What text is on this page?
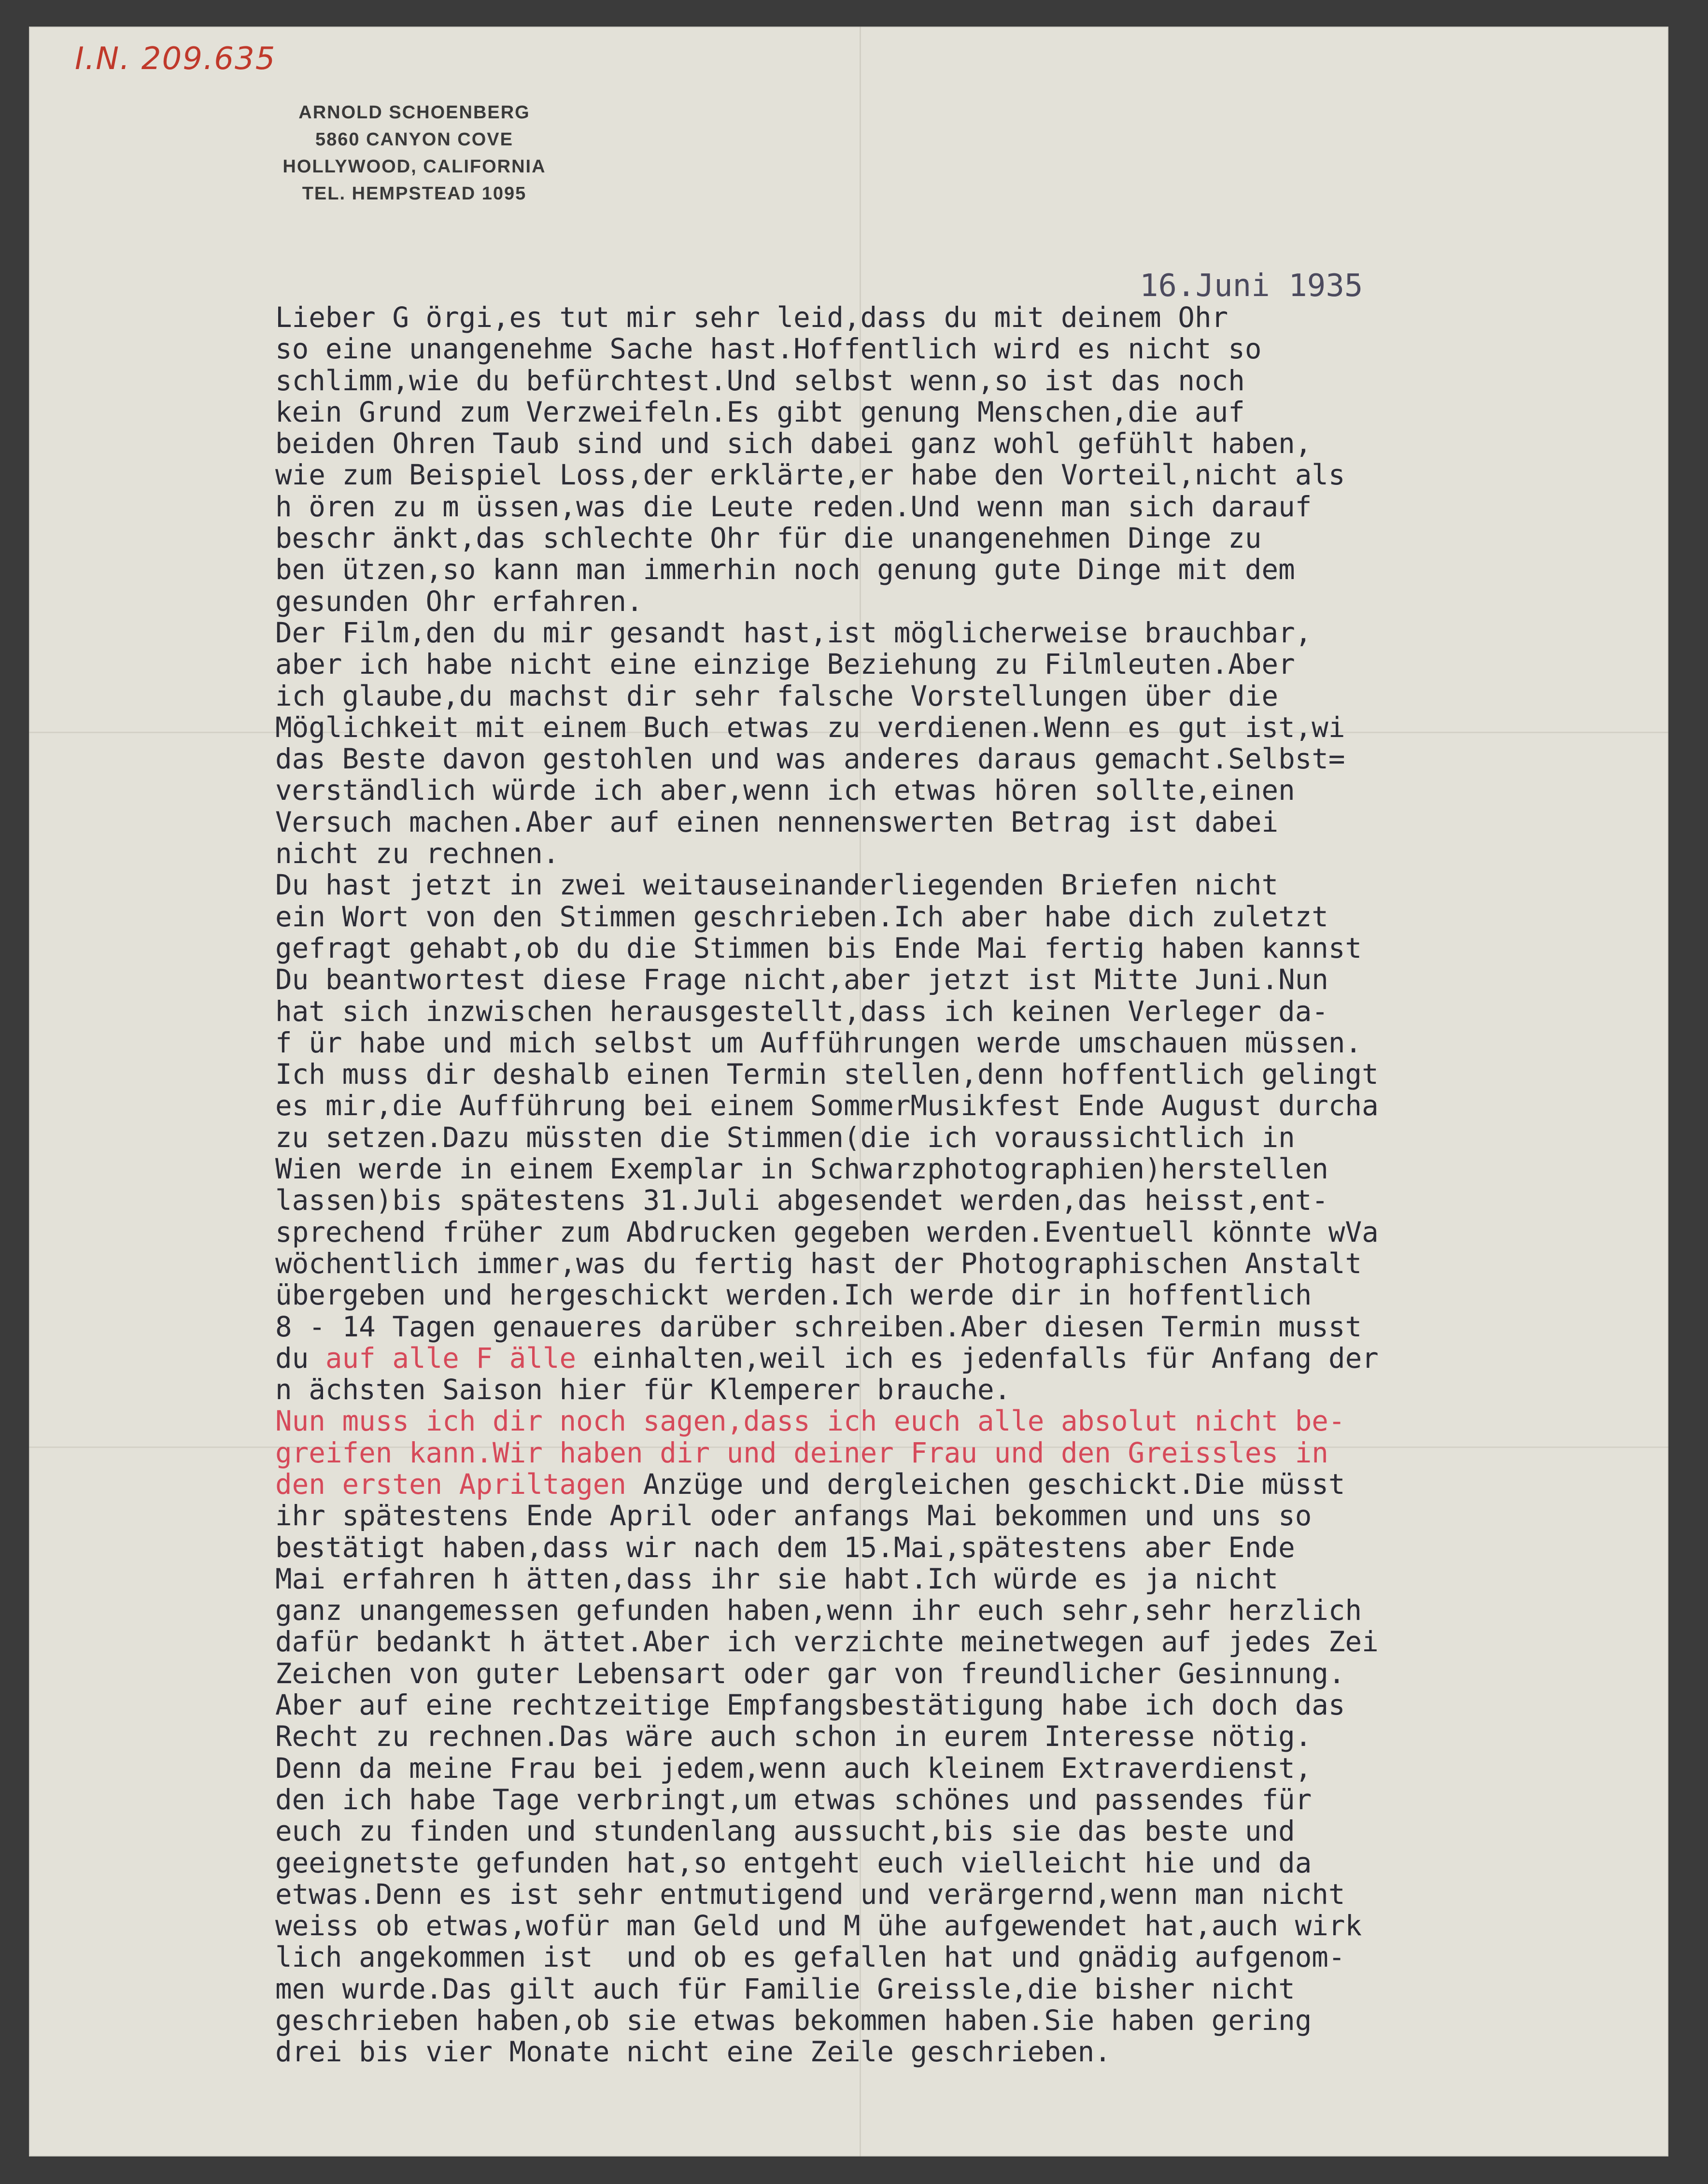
I.N. 209.635
ARNOLD SCHOENBERG
5860 CANYON COVE
HOLLYWOOD, CALIFORNIA
TEL. HEMPSTEAD 1095
16.Juni 1935
Lieber G örgi,es tut mir sehr leid,dass du mit deinem Ohr
so eine unangenehme Sache hast.Hoffentlich wird es nicht so
schlimm,wie du befürchtest.Und selbst wenn,so ist das noch
kein Grund zum Verzweifeln.Es gibt genung Menschen,die auf
beiden Ohren Taub sind und sich dabei ganz wohl gefühlt haben,
wie zum Beispiel Loss,der erklärte,er habe den Vorteil,nicht als
h ören zu m üssen,was die Leute reden.Und wenn man sich darauf
beschr änkt,das schlechte Ohr für die unangenehmen Dinge zu
ben ützen,so kann man immerhin noch genung gute Dinge mit dem
gesunden Ohr erfahren.
Der Film,den du mir gesandt hast,ist möglicherweise brauchbar,
aber ich habe nicht eine einzige Beziehung zu Filmleuten.Aber
ich glaube,du machst dir sehr falsche Vorstellungen über die
Möglichkeit mit einem Buch etwas zu verdienen.Wenn es gut ist,wi
das Beste davon gestohlen und was anderes daraus gemacht.Selbst=
verständlich würde ich aber,wenn ich etwas hören sollte,einen
Versuch machen.Aber auf einen nennenswerten Betrag ist dabei
nicht zu rechnen.
Du hast jetzt in zwei weitauseinanderliegenden Briefen nicht
ein Wort von den Stimmen geschrieben.Ich aber habe dich zuletzt
gefragt gehabt,ob du die Stimmen bis Ende Mai fertig haben kannst
Du beantwortest diese Frage nicht,aber jetzt ist Mitte Juni.Nun
hat sich inzwischen herausgestellt,dass ich keinen Verleger da-
f ür habe und mich selbst um Aufführungen werde umschauen müssen.
Ich muss dir deshalb einen Termin stellen,denn hoffentlich gelingt
es mir,die Aufführung bei einem SommerMusikfest Ende August durcha
zu setzen.Dazu müssten die Stimmen(die ich voraussichtlich in
Wien werde in einem Exemplar in Schwarzphotographien)herstellen
lassen)bis spätestens 31.Juli abgesendet werden,das heisst,ent-
sprechend früher zum Abdrucken gegeben werden.Eventuell könnte wVa
wöchentlich immer,was du fertig hast der Photographischen Anstalt
übergeben und hergeschickt werden.Ich werde dir in hoffentlich
8 - 14 Tagen genaueres darüber schreiben.Aber diesen Termin musst
du auf alle F älle einhalten,weil ich es jedenfalls für Anfang der
n ächsten Saison hier für Klemperer brauche.
Nun muss ich dir noch sagen,dass ich euch alle absolut nicht be-
greifen kann.Wir haben dir und deiner Frau und den Greissles in
den ersten Apriltagen Anzüge und dergleichen geschickt.Die müsst
ihr spätestens Ende April oder anfangs Mai bekommen und uns so
bestätigt haben,dass wir nach dem 15.Mai,spätestens aber Ende
Mai erfahren h ätten,dass ihr sie habt.Ich würde es ja nicht
ganz unangemessen gefunden haben,wenn ihr euch sehr,sehr herzlich
dafür bedankt h ättet.Aber ich verzichte meinetwegen auf jedes Zei
Zeichen von guter Lebensart oder gar von freundlicher Gesinnung.
Aber auf eine rechtzeitige Empfangsbestätigung habe ich doch das
Recht zu rechnen.Das wäre auch schon in eurem Interesse nötig.
Denn da meine Frau bei jedem,wenn auch kleinem Extraverdienst,
den ich habe Tage verbringt,um etwas schönes und passendes für
euch zu finden und stundenlang aussucht,bis sie das beste und
geeignetste gefunden hat,so entgeht euch vielleicht hie und da
etwas.Denn es ist sehr entmutigend und verärgernd,wenn man nicht
weiss ob etwas,wofür man Geld und M ühe aufgewendet hat,auch wirk
lich angekommen ist  und ob es gefallen hat und gnädig aufgenom-
men wurde.Das gilt auch für Familie Greissle,die bisher nicht
geschrieben haben,ob sie etwas bekommen haben.Sie haben gering
drei bis vier Monate nicht eine Zeile geschrieben.
